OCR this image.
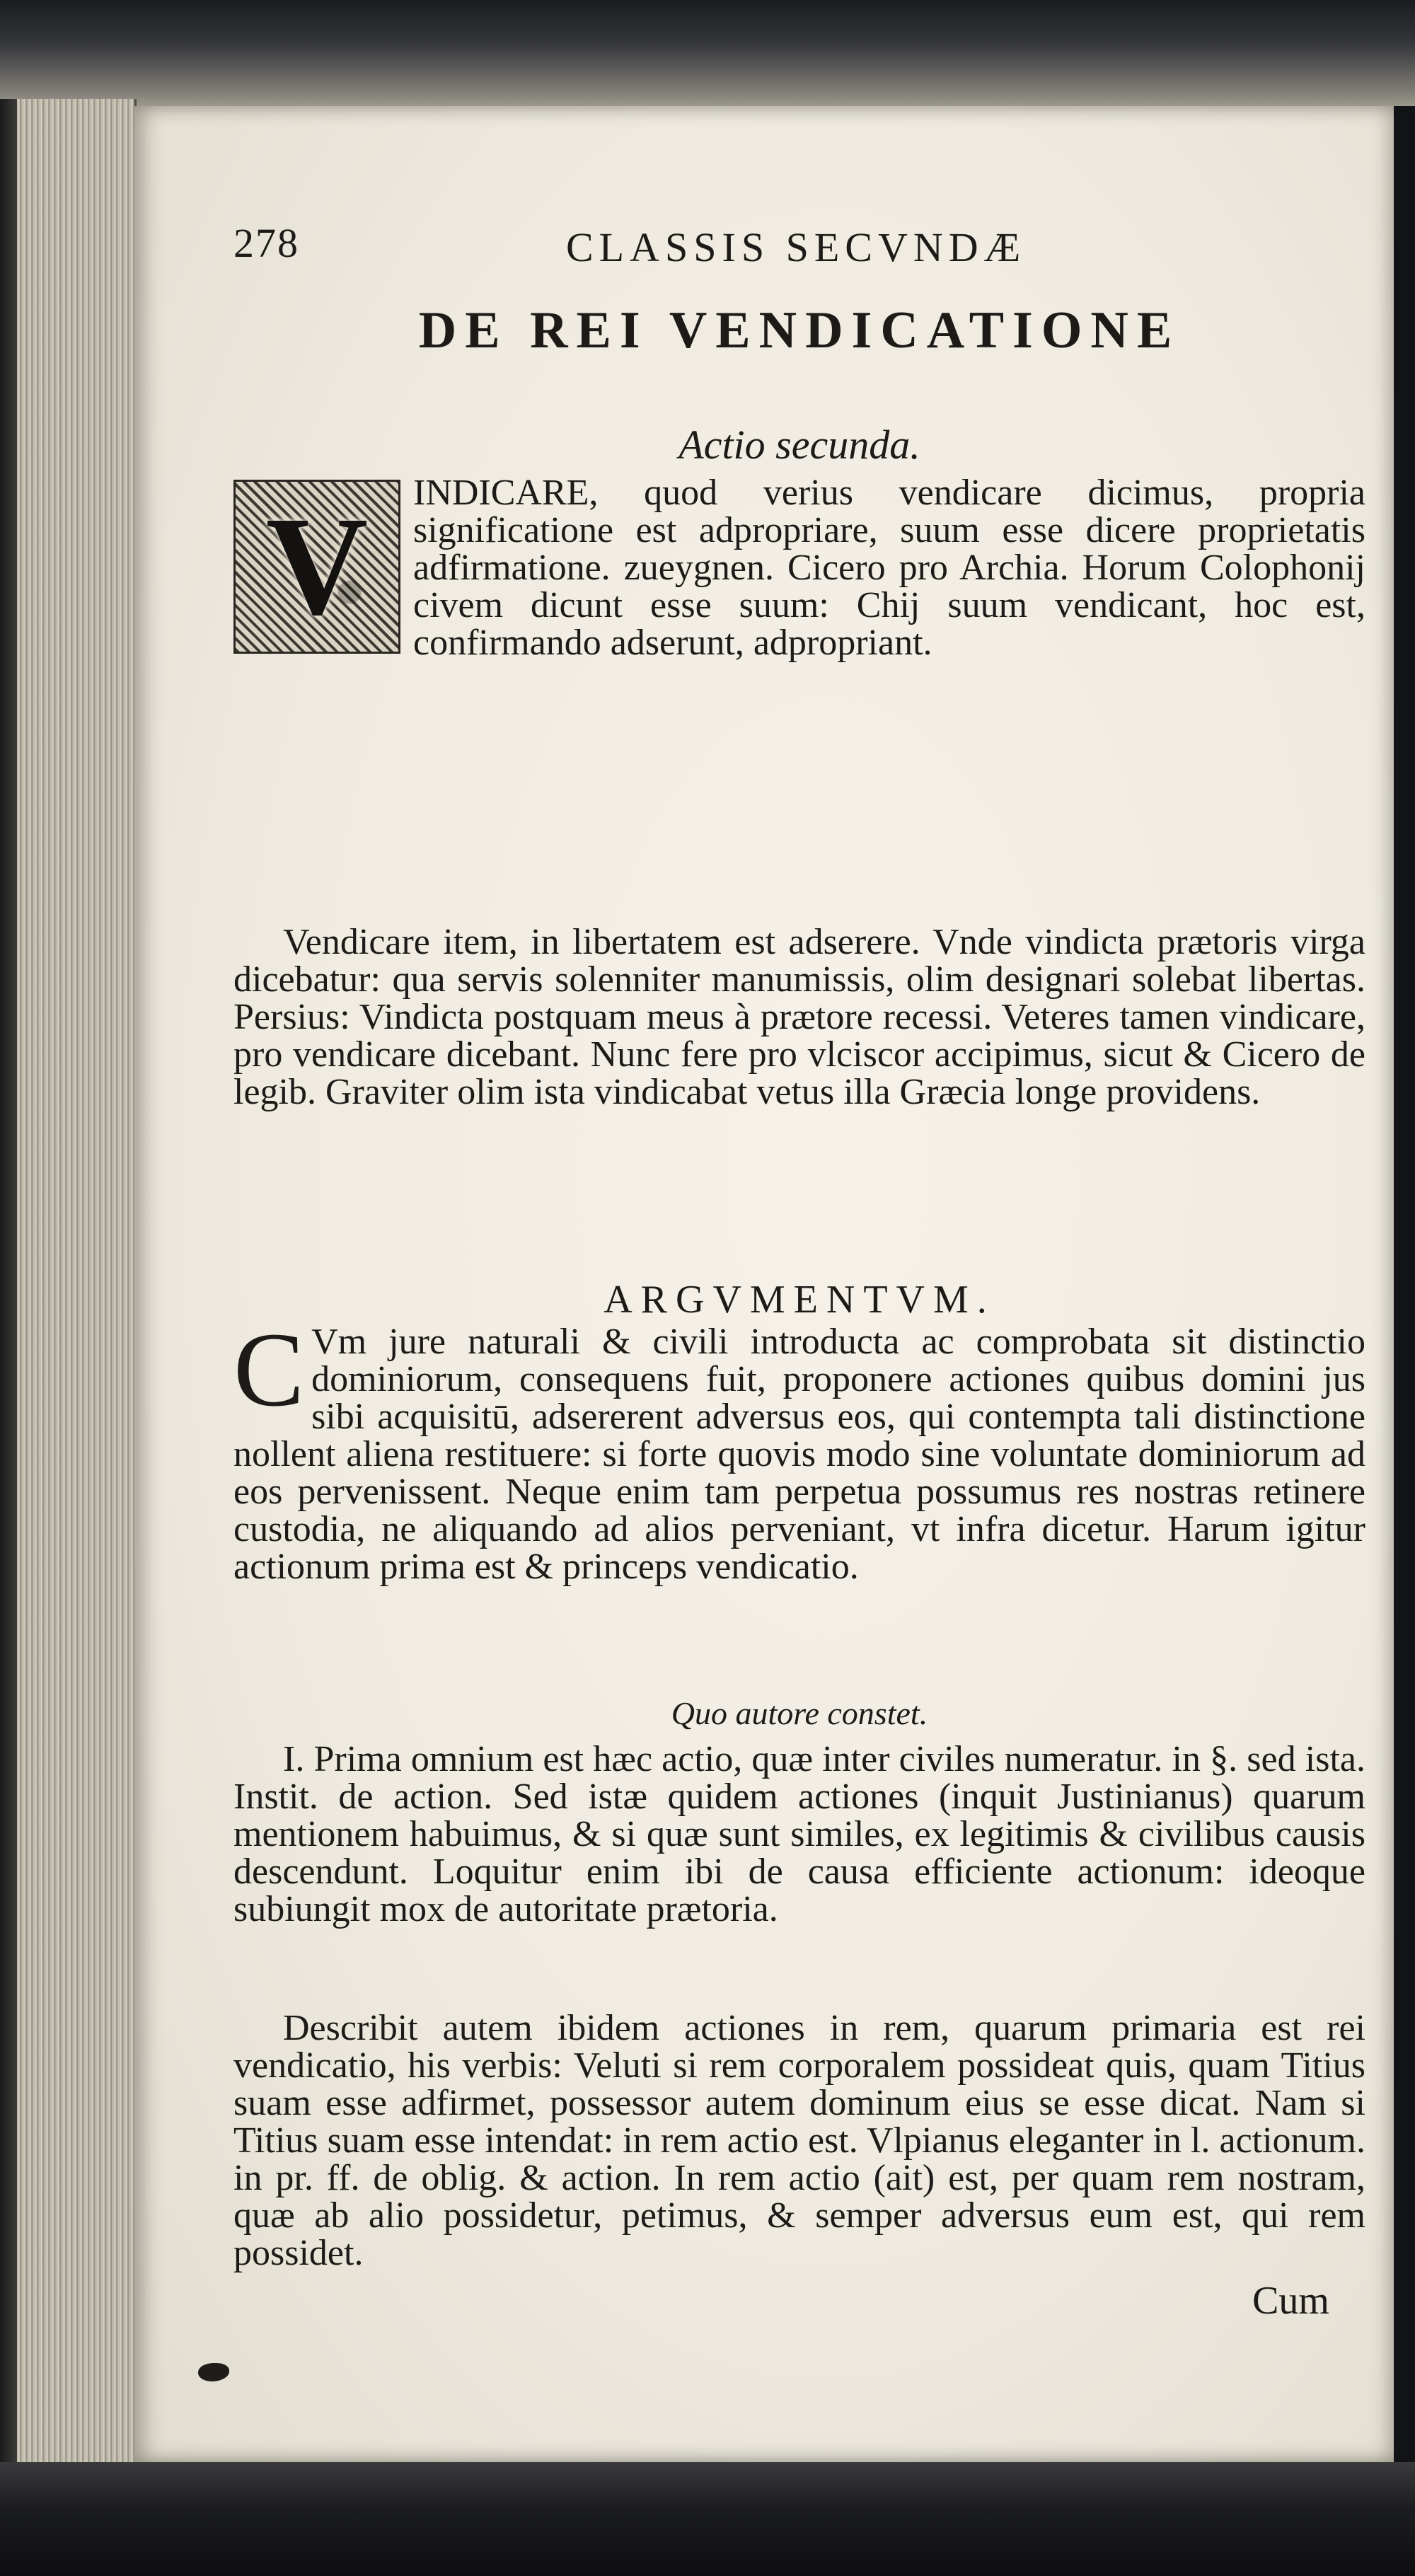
278	CLASSIS SECVNDÆ
DE REI VENDICATIONE
Actio secunda.

V	INDICARE, quod verius vendicare dicimus, propria significatione est adpropriare, suum esse dicere proprietatis adfirmatione. zueygnen. Cicero pro Archia. Horum Colophonij civem dicunt esse suum: Chij suum vendicant, hoc est, confirmando adserunt, adpropriant.

Vendicare item, in libertatem est adserere. Vnde vindicta prætoris virga dicebatur: qua servis solenniter manumissis, olim designari solebat libertas. Persius: Vindicta postquam meus à prætore recessi. Veteres tamen vindicare, pro vendicare dicebant. Nunc fere pro vlciscor accipimus, sicut & Cicero de legib. Graviter olim ista vindicabat vetus illa Græcia longe providens.

ARGVMENTVM.

C Vm jure naturali & civili introducta ac comprobata sit distinctio dominiorum, consequens fuit, proponere actiones quibus domini jus sibi acquisitū, adsererent adversus eos, qui contempta tali distinctione nollent aliena restituere: si forte quovis modo sine voluntate dominiorum ad eos pervenissent. Neque enim tam perpetua possumus res nostras retinere custodia, ne aliquando ad alios perveniant, vt infra dicetur. Harum igitur actionum prima est & princeps vendicatio.

Quo autore constet.

I. Prima omnium est hæc actio, quæ inter civiles numeratur. in §. sed ista. Instit. de action. Sed istæ quidem actiones (inquit Justinianus) quarum mentionem habuimus, & si quæ sunt similes, ex legitimis & civilibus causis descendunt. Loquitur enim ibi de causa efficiente actionum: ideoque subiungit mox de autoritate prætoria.

Describit autem ibidem actiones in rem, quarum primaria est rei vendicatio, his verbis: Veluti si rem corporalem possideat quis, quam Titius suam esse adfirmet, possessor autem dominum eius se esse dicat. Nam si Titius suam esse intendat: in rem actio est. Vlpianus eleganter in l. actionum. in pr. ff. de oblig. & action. In rem actio (ait) est, per quam rem nostram, quæ ab alio possidetur, petimus, & semper adversus eum est, qui rem possidet.

Cum
